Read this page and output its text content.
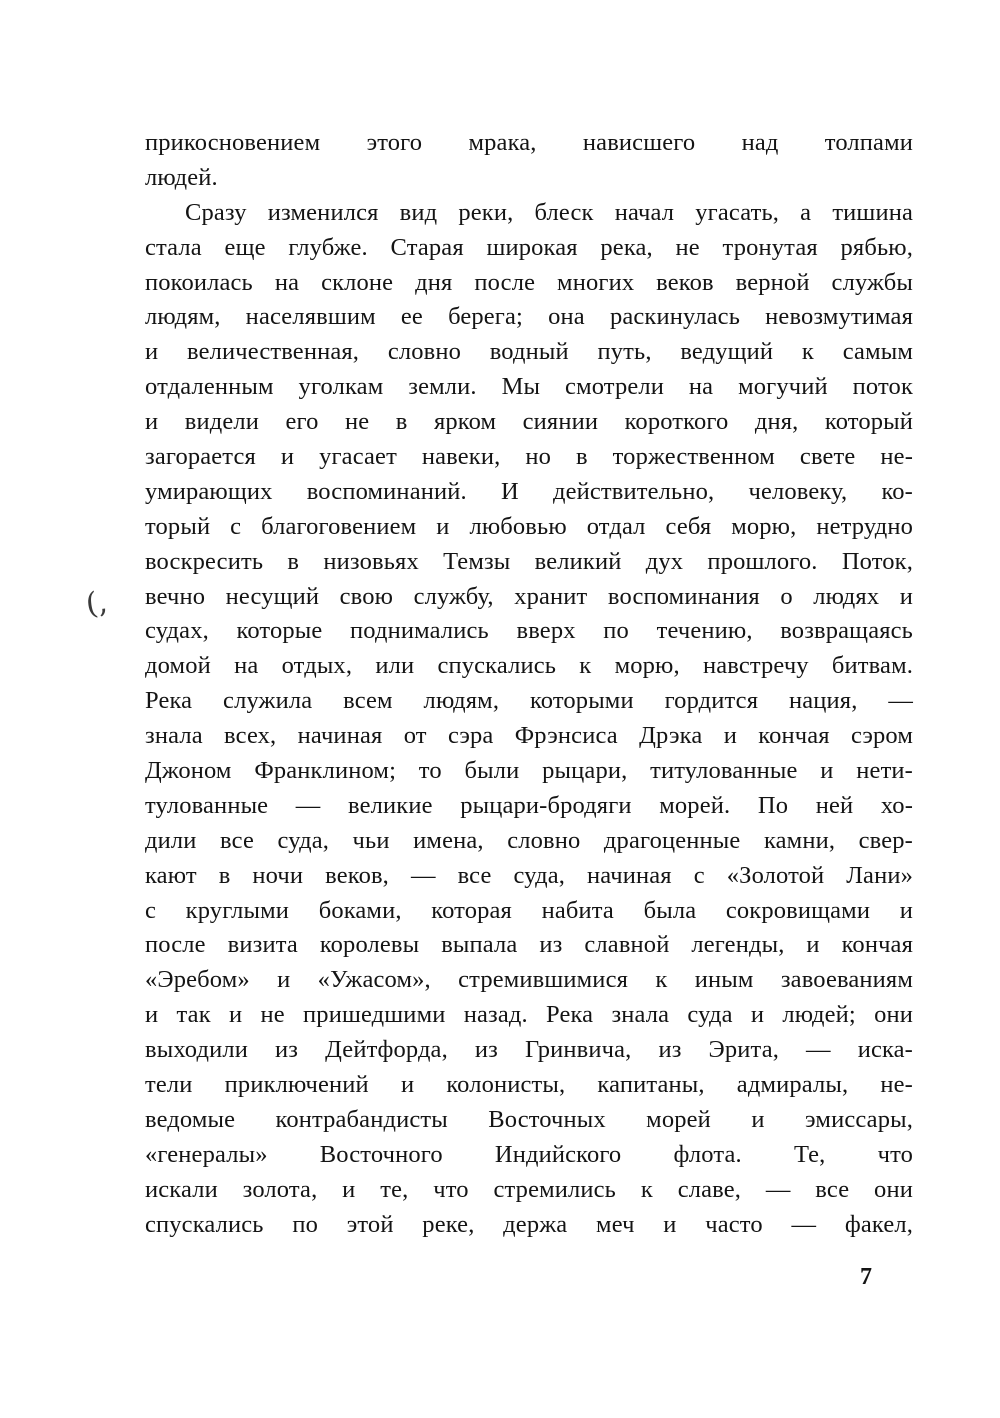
прикосновением этого мрака, нависшего над толпами
людей.
Сразу изменился вид реки, блеск начал угасать, а тишина
стала еще глубже. Старая широкая река, не тронутая рябью,
покоилась на склоне дня после многих веков верной службы
людям, населявшим ее берега; она раскинулась невозмутимая
и величественная, словно водный путь, ведущий к самым
отдаленным уголкам земли. Мы смотрели на могучий поток
и видели его не в ярком сиянии короткого дня, который
загорается и угасает навеки, но в торжественном свете не-
умирающих воспоминаний. И действительно, человеку, ко-
торый с благоговением и любовью отдал себя морю, нетрудно
воскресить в низовьях Темзы великий дух прошлого. Поток,
вечно несущий свою службу, хранит воспоминания о людях и
судах, которые поднимались вверх по течению, возвращаясь
домой на отдых, или спускались к морю, навстречу битвам.
Река служила всем людям, которыми гордится нация, —
знала всех, начиная от сэра Фрэнсиса Дрэка и кончая сэром
Джоном Франклином; то были рыцари, титулованные и нети-
тулованные — великие рыцари-бродяги морей. По ней хо-
дили все суда, чьи имена, словно драгоценные камни, свер-
кают в ночи веков, — все суда, начиная с «Золотой Лани»
с круглыми боками, которая набита была сокровищами и
после визита королевы выпала из славной легенды, и кончая
«Эребом» и «Ужасом», стремившимися к иным завоеваниям
и так и не пришедшими назад. Река знала суда и людей; они
выходили из Дейтфорда, из Гринвича, из Эрита, — иска-
тели приключений и колонисты, капитаны, адмиралы, не-
ведомые контрабандисты Восточных морей и эмиссары,
«генералы» Восточного Индийского флота. Те, что
искали золота, и те, что стремились к славе, — все они
спускались по этой реке, держа меч и часто — факел,
(,
7
